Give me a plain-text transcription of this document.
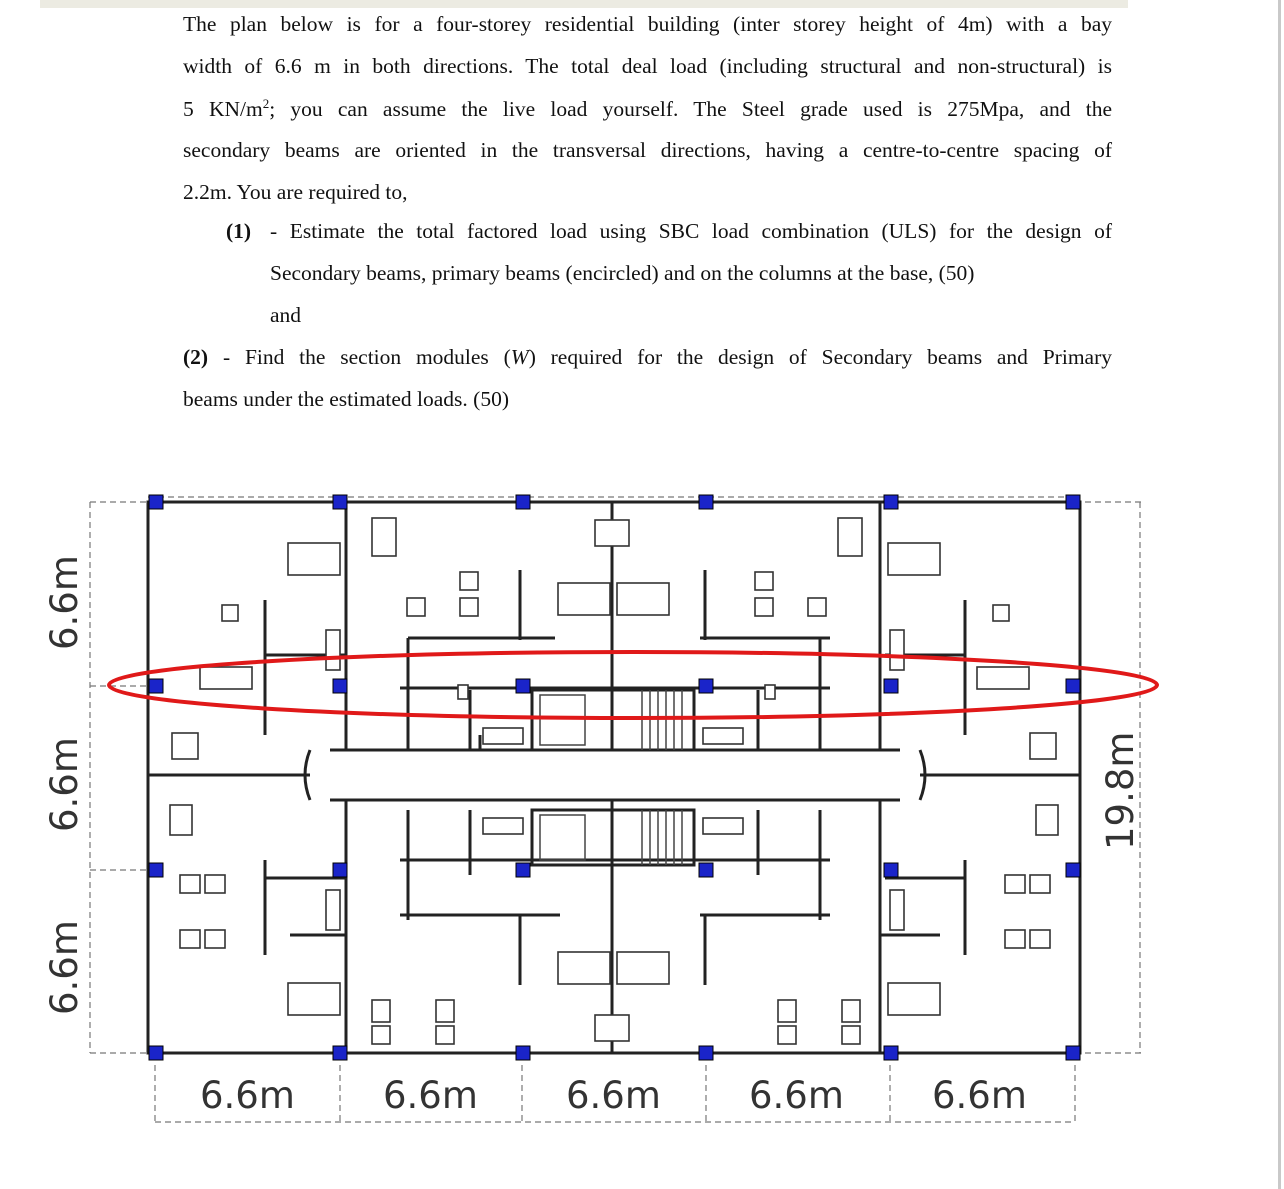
The plan below is for a four-storey residential building (inter storey height of 4m) with a bay
width of 6.6 m in both directions. The total deal load (including structural and non-structural) is
5 $KN/m^2$; you can assume the live load yourself. The Steel grade used is 275Mpa, and the
secondary beams are oriented in the transversal directions, having a centre-to-centre spacing of
2.2m. You are required to,
(1) - Estimate the total factored load using SBC load combination (ULS) for the design of
Secondary beams, primary beams (encircled) and on the columns at the base, (50)
and
(2) - Find the section modules (W) required for the design of Secondary beams and Primary
beams under the estimated loads. (50)
6.6m 6.6m 6.6m 6.6m 6.6m
6.6m
6.6m
6.6m
19.8m
